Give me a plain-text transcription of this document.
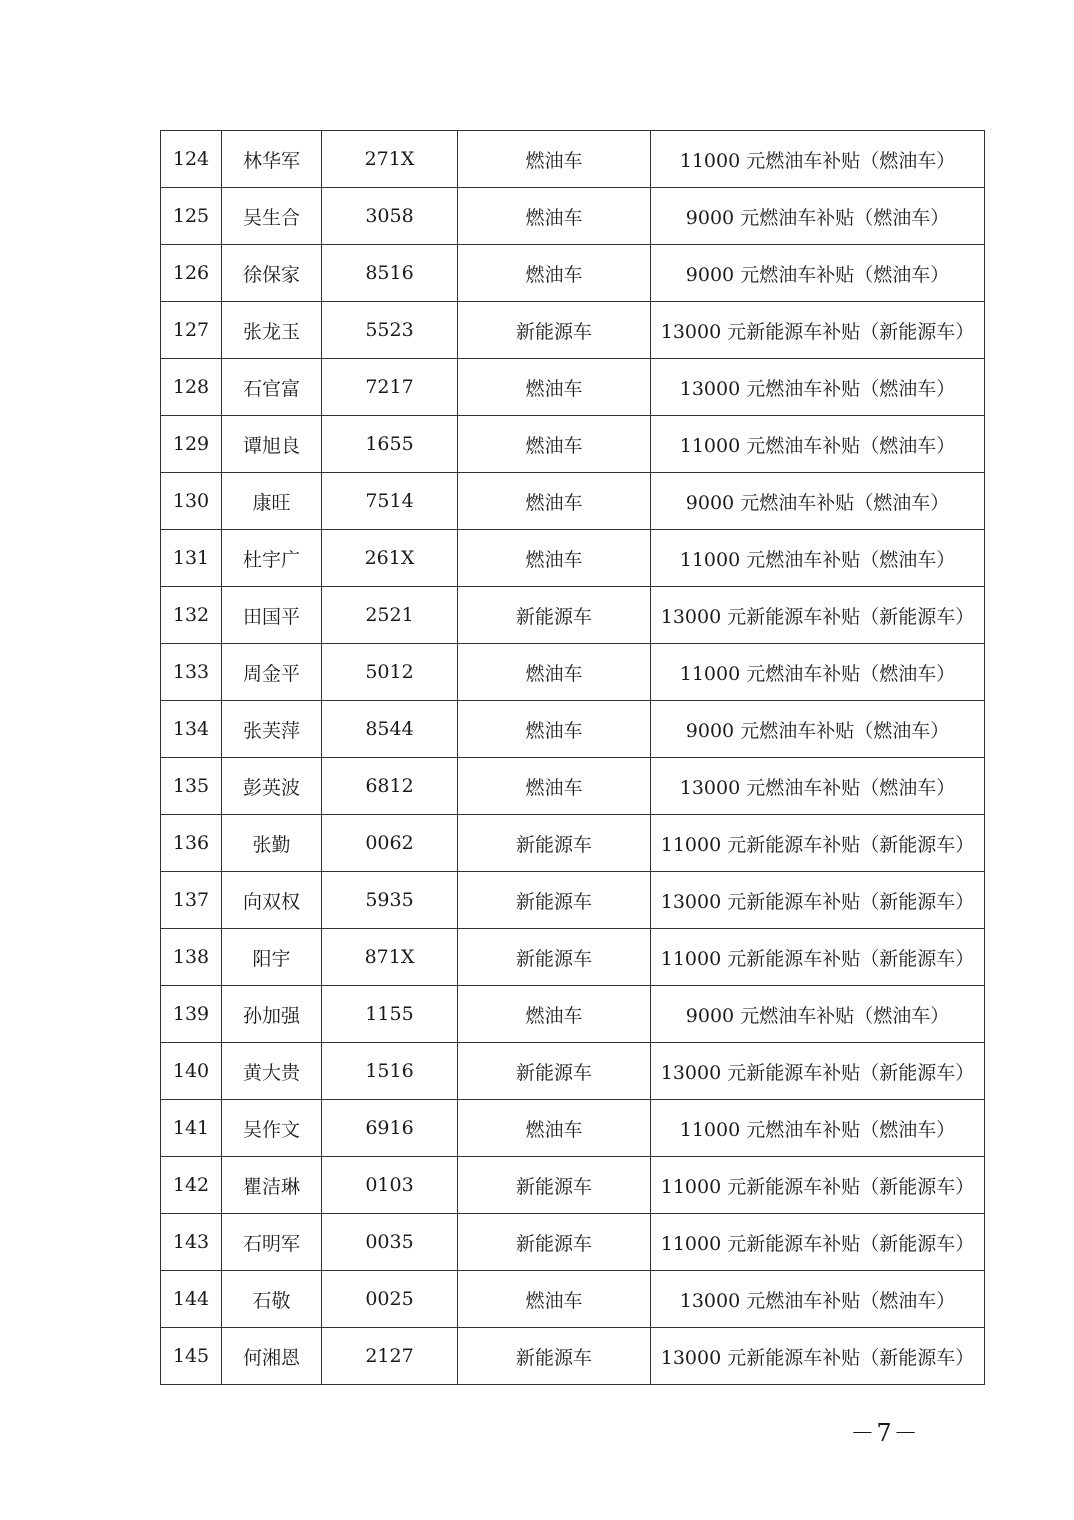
124	林华军	271X	燃油车	11000 元燃油车补贴（燃油车）
125	吴生合	3058	燃油车	9000 元燃油车补贴（燃油车）
126	徐保家	8516	燃油车	9000 元燃油车补贴（燃油车）
127	张龙玉	5523	新能源车	13000 元新能源车补贴（新能源车）
128	石官富	7217	燃油车	13000 元燃油车补贴（燃油车）
129	谭旭良	1655	燃油车	11000 元燃油车补贴（燃油车）
130	康旺	7514	燃油车	9000 元燃油车补贴（燃油车）
131	杜宇广	261X	燃油车	11000 元燃油车补贴（燃油车）
132	田国平	2521	新能源车	13000 元新能源车补贴（新能源车）
133	周金平	5012	燃油车	11000 元燃油车补贴（燃油车）
134	张芙萍	8544	燃油车	9000 元燃油车补贴（燃油车）
135	彭英波	6812	燃油车	13000 元燃油车补贴（燃油车）
136	张勤	0062	新能源车	11000 元新能源车补贴（新能源车）
137	向双权	5935	新能源车	13000 元新能源车补贴（新能源车）
138	阳宇	871X	新能源车	11000 元新能源车补贴（新能源车）
139	孙加强	1155	燃油车	9000 元燃油车补贴（燃油车）
140	黄大贵	1516	新能源车	13000 元新能源车补贴（新能源车）
141	吴作文	6916	燃油车	11000 元燃油车补贴（燃油车）
142	瞿洁琳	0103	新能源车	11000 元新能源车补贴（新能源车）
143	石明军	0035	新能源车	11000 元新能源车补贴（新能源车）
144	石敬	0025	燃油车	13000 元燃油车补贴（燃油车）
145	何湘恩	2127	新能源车	13000 元新能源车补贴（新能源车）
－7－
